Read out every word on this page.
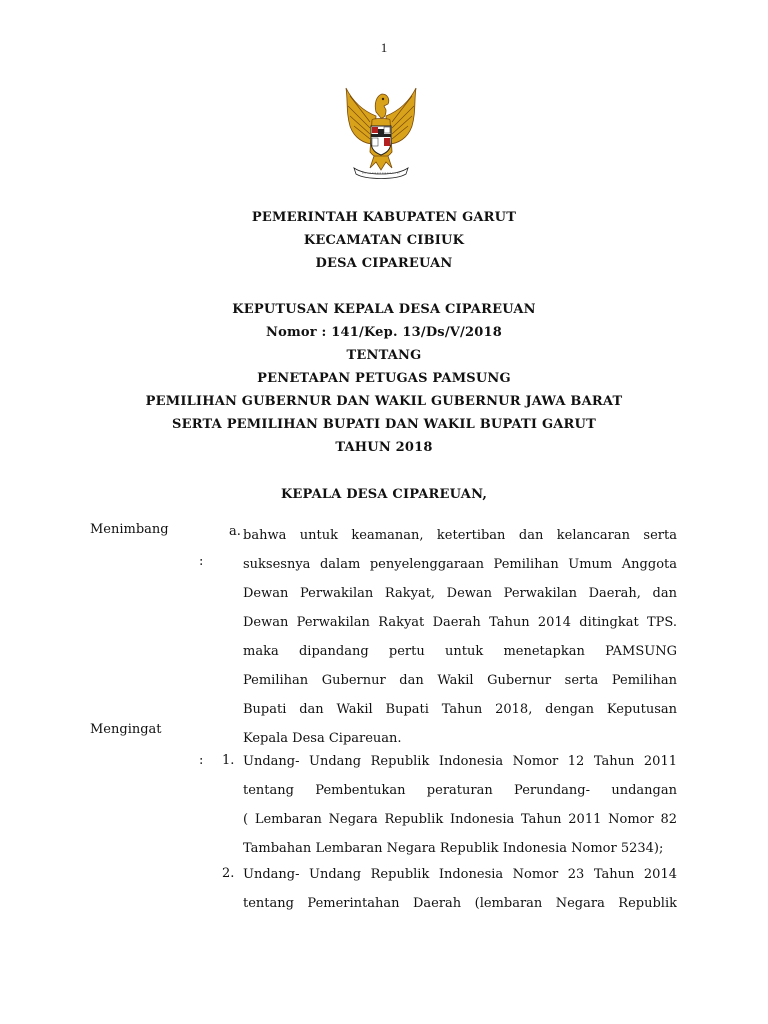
1
PEMERINTAH KABUPATEN GARUT
KECAMATAN CIBIUK
DESA CIPAREUAN
KEPUTUSAN KEPALA DESA CIPAREUAN
Nomor : 141/Kep. 13/Ds/V/2018
TENTANG
PENETAPAN PETUGAS PAMSUNG
PEMILIHAN GUBERNUR DAN WAKIL GUBERNUR JAWA BARAT
SERTA PEMILIHAN BUPATI DAN WAKIL BUPATI GARUT
TAHUN 2018
KEPALA DESA CIPAREUAN,
Menimbang
:
a. bahwa untuk keamanan, ketertiban dan kelancaran serta
suksesnya dalam penyelenggaraan Pemilihan Umum Anggota
Dewan Perwakilan Rakyat, Dewan Perwakilan Daerah, dan
Dewan Perwakilan Rakyat Daerah Tahun 2014 ditingkat TPS.
maka dipandang pertu untuk menetapkan PAMSUNG
Pemilihan Gubernur dan Wakil Gubernur serta Pemilihan
Bupati dan Wakil Bupati Tahun 2018, dengan Keputusan
Kepala Desa Cipareuan.
Mengingat
: 1. Undang- Undang Republik Indonesia Nomor 12 Tahun 2011
tentang Pembentukan peraturan Perundang- undangan
( Lembaran Negara Republik Indonesia Tahun 2011 Nomor 82
Tambahan Lembaran Negara Republik Indonesia Nomor 5234);
2. Undang- Undang Republik Indonesia Nomor 23 Tahun 2014
tentang Pemerintahan Daerah (lembaran Negara Republik
